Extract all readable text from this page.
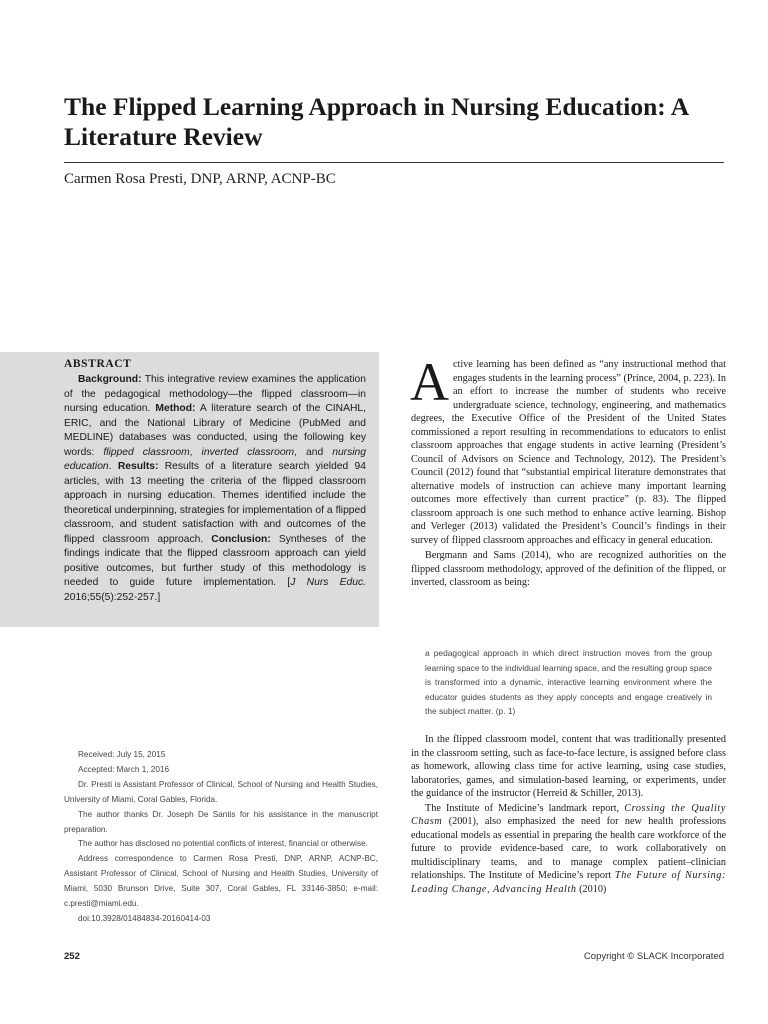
The Flipped Learning Approach in Nursing Education: A Literature Review
Carmen Rosa Presti, DNP, ARNP, ACNP-BC
ABSTRACT
Background: This integrative review examines the application of the pedagogical methodology—the flipped classroom—in nursing education. Method: A literature search of the CINAHL, ERIC, and the National Library of Medicine (PubMed and MEDLINE) databases was conducted, using the following key words: flipped classroom, inverted classroom, and nursing education. Results: Results of a literature search yielded 94 articles, with 13 meeting the criteria of the flipped classroom approach in nursing education. Themes identified include the theoretical underpinning, strategies for implementation of a flipped classroom, and student satisfaction with and outcomes of the flipped classroom approach. Conclusion: Syntheses of the findings indicate that the flipped classroom approach can yield positive outcomes, but further study of this methodology is needed to guide future implementation. [J Nurs Educ. 2016;55(5):252-257.]

Received: July 15, 2015

Accepted: March 1, 2016

Dr. Presti is Assistant Professor of Clinical, School of Nursing and Health Studies, University of Miami, Coral Gables, Florida.

The author thanks Dr. Joseph De Santis for his assistance in the manuscript preparation.

The author has disclosed no potential conflicts of interest, financial or otherwise.

Address correspondence to Carmen Rosa Presti, DNP, ARNP, ACNP-BC, Assistant Professor of Clinical, School of Nursing and Health Studies, University of Miami, 5030 Brunson Drive, Suite 307, Coral Gables, FL 33146-3850; e-mail: c.presti@miami.edu.

doi:10.3928/01484834-20160414-03

Active learning has been defined as “any instructional method that engages students in the learning process” (Prince, 2004, p. 223). In an effort to increase the number of students who receive undergraduate science, technology, engineering, and mathematics degrees, the Executive Office of the President of the United States commissioned a report resulting in recommendations to educators to enlist classroom approaches that engage students in active learning (President’s Council of Advisors on Science and Technology, 2012). The President’s Council (2012) found that “substantial empirical literature demonstrates that alternative models of instruction can achieve many important learning outcomes more effectively than current practice” (p. 83). The flipped classroom approach is one such method to enhance active learning. Bishop and Verleger (2013) validated the President’s Council’s findings in their survey of flipped classroom approaches and efficacy in general education.

Bergmann and Sams (2014), who are recognized authorities on the flipped classroom methodology, approved of the definition of the flipped, or inverted, classroom as being:

a pedagogical approach in which direct instruction moves from the group learning space to the individual learning space, and the resulting group space is transformed into a dynamic, interactive learning environment where the educator guides students as they apply concepts and engage creatively in the subject matter. (p. 1)

In the flipped classroom model, content that was traditionally presented in the classroom setting, such as face-to-face lecture, is assigned before class as homework, allowing class time for active learning, using case studies, laboratories, games, and simulation-based learning, or experiments, under the guidance of the instructor (Herreid & Schiller, 2013).

The Institute of Medicine’s landmark report, Crossing the Quality Chasm (2001), also emphasized the need for new health professions educational models as essential in preparing the health care workforce of the future to provide evidence-based care, to work collaboratively on multidisciplinary teams, and to manage complex patient–clinician relationships. The Institute of Medicine’s report The Future of Nursing: Leading Change, Advancing Health (2010)

252	Copyright © SLACK Incorporated
